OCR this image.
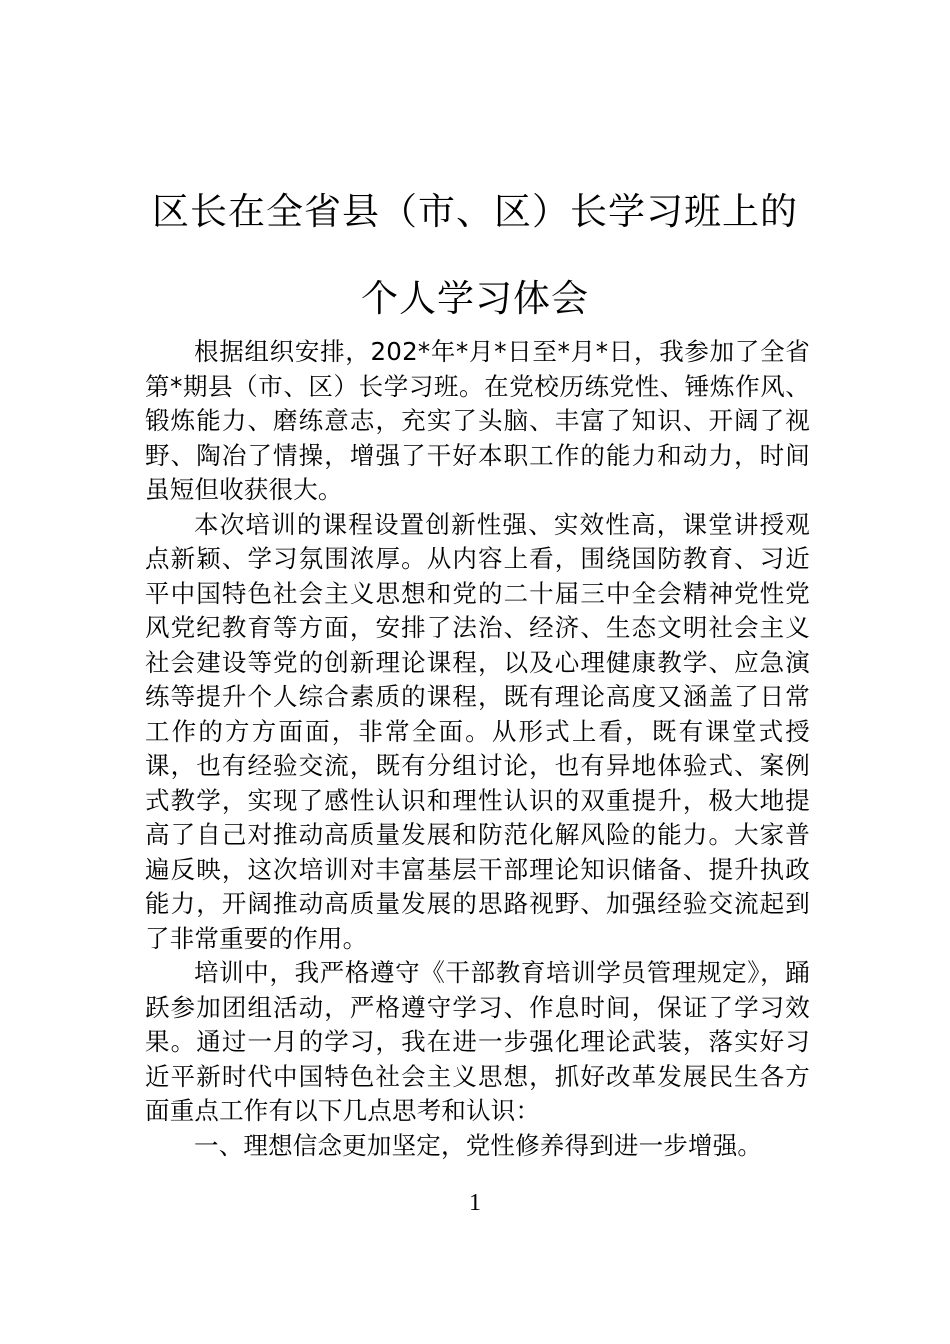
区长在全省县（市、区）长学习班上的个人学习体会

根据组织安排，202*年*月*日至*月*日，我参加了全省第*期县（市、区）长学习班。在党校历练党性、锤炼作风、锻炼能力、磨练意志，充实了头脑、丰富了知识、开阔了视野、陶冶了情操，增强了干好本职工作的能力和动力，时间虽短但收获很大。

本次培训的课程设置创新性强、实效性高，课堂讲授观点新颖、学习氛围浓厚。从内容上看，围绕国防教育、习近平中国特色社会主义思想和党的二十届三中全会精神党性党风党纪教育等方面，安排了法治、经济、生态文明社会主义社会建设等党的创新理论课程，以及心理健康教学、应急演练等提升个人综合素质的课程，既有理论高度又涵盖了日常工作的方方面面，非常全面。从形式上看，既有课堂式授课，也有经验交流，既有分组讨论，也有异地体验式、案例式教学，实现了感性认识和理性认识的双重提升，极大地提高了自己对推动高质量发展和防范化解风险的能力。大家普遍反映，这次培训对丰富基层干部理论知识储备、提升执政能力，开阔推动高质量发展的思路视野、加强经验交流起到了非常重要的作用。

培训中，我严格遵守《干部教育培训学员管理规定》，踊跃参加团组活动，严格遵守学习、作息时间，保证了学习效果。通过一月的学习，我在进一步强化理论武装，落实好习近平新时代中国特色社会主义思想，抓好改革发展民生各方面重点工作有以下几点思考和认识：

一、理想信念更加坚定，党性修养得到进一步增强。

1
